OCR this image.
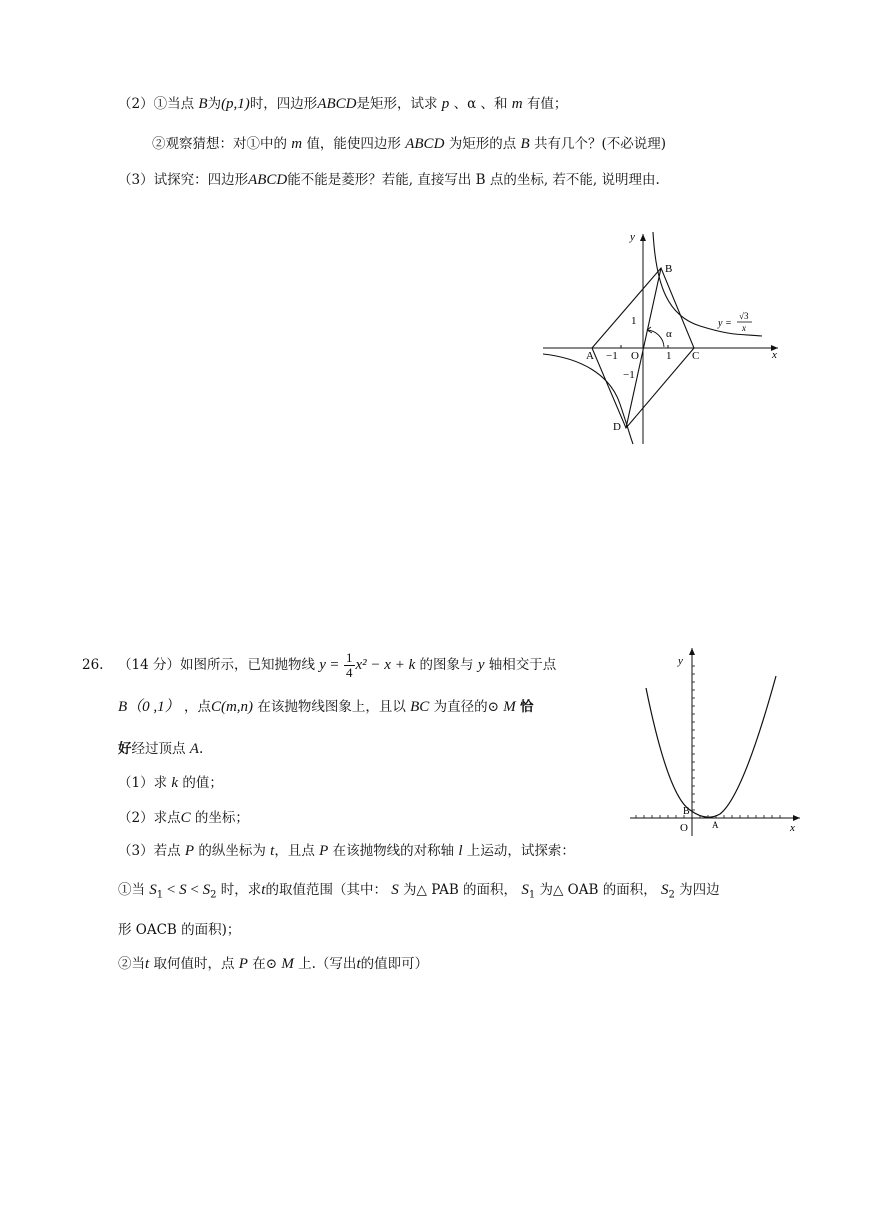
（2）①当点 B为(p,1)时，四边形ABCD是矩形，试求 p 、α 、和 m 有值；
②观察猜想：对①中的 m 值，能使四边形 ABCD 为矩形的点 B 共有几个？(不必说理)
（3）试探究：四边形ABCD能不能是菱形？若能, 直接写出 B 点的坐标, 若不能, 说明理由.
y
x
B
A −1 O 1 C
1
−1
D
α
y =
√3
x
26. （14 分）如图所示，已知抛物线 $y = \frac{1}{4} x^2 - x + k$ 的图象与 y 轴相交于点
B（0 ,1） ，点C(m,n) 在该抛物线图象上，且以 BC 为直径的⊙ M 恰
好经过顶点 A.
（1）求 k 的值；
（2）求点C 的坐标；
（3）若点 P 的纵坐标为 t，且点 P 在该抛物线的对称轴 l 上运动，试探索：
①当 $S_1 < S < S_2$ 时，求t的取值范围（其中： S 为△ PAB 的面积， $S_1$ 为△ OAB 的面积， $S_2$ 为四边
形 OACB 的面积)；
②当t 取何值时，点 P 在⊙ M 上.（写出t的值即可）
y
x
B
O	A
